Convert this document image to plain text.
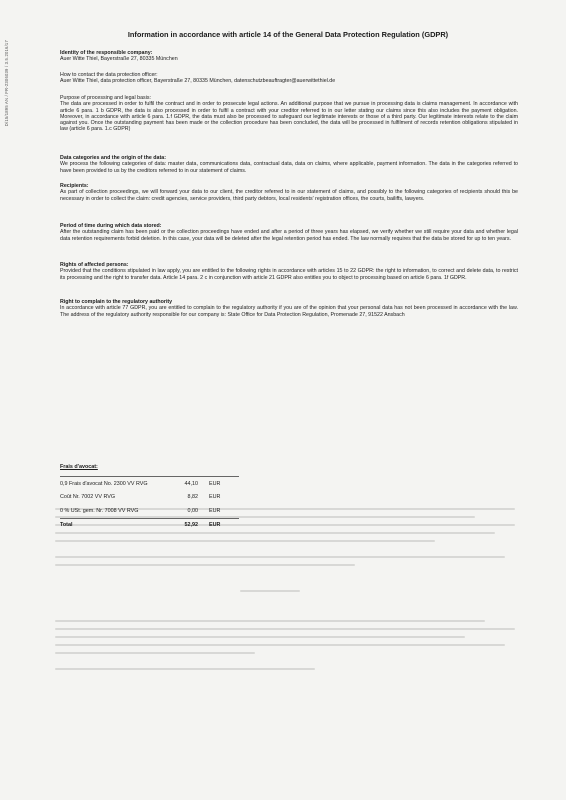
D/15/1895 AN / FR-2306039 / 3.5.2016/17
Information in accordance with article 14 of the General Data Protection Regulation (GDPR)
Identity of the responsible company:

Auer Witte Thiel, Bayerstraße 27, 80335 München

How to contact the data protection officer:

Auer Witte Thiel, data protection officer, Bayerstraße 27, 80335 München, datenschutzbeauftragter@auerwittethiel.de

Purpose of processing and legal basis:

The data are processed in order to fulfil the contract and in order to prosecute legal actions. An additional purpose that we pursue in processing data is claims management. In accordance with article 6 para. 1 b GDPR, the data is also processed in order to fulfil a contract with your creditor referred to in our letter stating our claims since this also includes the payment obligation. Moreover, in accordance with article 6 para. 1.f GDPR, the data must also be processed to safeguard our legitimate interests or those of a third party. Our legitimate interests relate to the claim against you. Once the outstanding payment has been made or the collection procedure has been concluded, the data will be processed in fulfilment of records retention obligations stipulated in law (article 6 para. 1.c GDPR)

Data categories and the origin of the data:

We process the following categories of data: master data, communications data, contractual data, data on claims, where applicable, payment information. The data in the categories referred to have been provided to us by the creditors referred to in our statement of claims.

Recipients:

As part of collection proceedings, we will forward your data to our client, the creditor referred to in our statement of claims, and possibly to the following categories of recipients should this be necessary in order to collect the claim: credit agencies, service providers, third party debtors, local residents' registration offices, the courts, bailiffs, lawyers.

Period of time during which data stored:

After the outstanding claim has been paid or the collection proceedings have ended and after a period of three years has elapsed, we verify whether we still require your data and whether legal data retention requirements forbid deletion. In this case, your data will be deleted after the legal retention period has ended. The law normally requires that the data be stored for up to ten years.

Rights of affected persons:

Provided that the conditions stipulated in law apply, you are entitled to the following rights in accordance with articles 15 to 22 GDPR: the right to information, to correct and delete data, to restrict its processing and the right to transfer data. Article 14 para. 2 c in conjunction with article 21 GDPR also entitles you to object to processing based on article 6 para. 1f GDPR.

Right to complain to the regulatory authority

In accordance with article 77 GDPR, you are entitled to complain to the regulatory authority if you are of the opinion that your personal data has not been processed in accordance with the law. The address of the regulatory authority responsible for our company is: State Office for Data Protection Regulation, Promenade 27, 91522 Ansbach

Frais d'avocat:
0,9 Frais d'avocat No. 2300 VV RVG	44,10	EUR
Coût Nr. 7002 VV RVG	8,82	EUR
0 % USt. gem. Nr. 7008 VV RVG	0,00	EUR
Total	52,92	EUR
